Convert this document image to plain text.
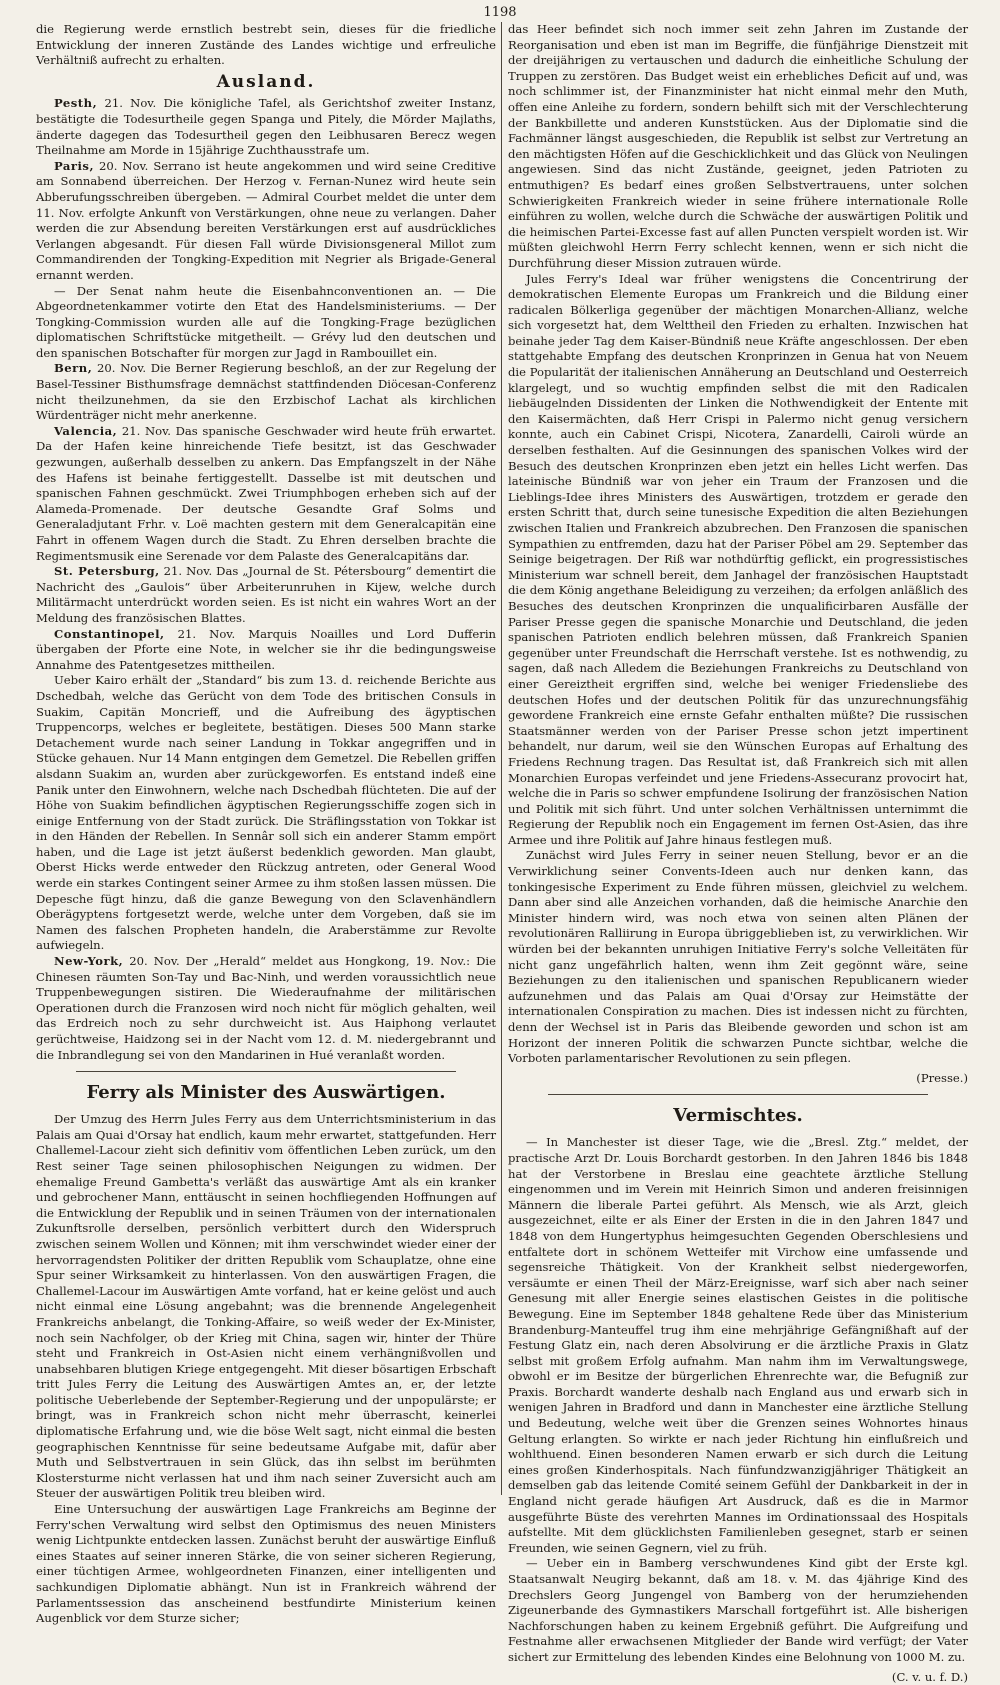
1198

die Regierung werde ernstlich bestrebt sein, dieses für die friedliche Entwicklung der inneren Zustände des Landes wichtige und erfreuliche Verhältniß aufrecht zu erhalten.

Ausland.

Pesth, 21. Nov. Die königliche Tafel, als Gerichtshof zweiter Instanz, bestätigte die Todesurtheile gegen Spanga und Pitely, die Mörder Majlaths, änderte dagegen das Todesurtheil gegen den Leibhusaren Berecz wegen Theilnahme am Morde in 15jährige Zuchthausstrafe um.

Paris, 20. Nov. Serrano ist heute angekommen und wird seine Creditive am Sonnabend überreichen. Der Herzog v. Fernan-Nunez wird heute sein Abberufungsschreiben übergeben. — Admiral Courbet meldet die unter dem 11. Nov. erfolgte Ankunft von Verstärkungen, ohne neue zu verlangen. Daher werden die zur Absendung bereiten Verstärkungen erst auf ausdrückliches Verlangen abgesandt. Für diesen Fall würde Divisionsgeneral Millot zum Commandirenden der Tongking-Expedition mit Negrier als Brigade-General ernannt werden.

— Der Senat nahm heute die Eisenbahnconventionen an. — Die Abgeordnetenkammer votirte den Etat des Handelsministeriums. — Der Tongking-Commission wurden alle auf die Tongking-Frage bezüglichen diplomatischen Schriftstücke mitgetheilt. — Grévy lud den deutschen und den spanischen Botschafter für morgen zur Jagd in Rambouillet ein.

Bern, 20. Nov. Die Berner Regierung beschloß, an der zur Regelung der Basel-Tessiner Bisthumsfrage demnächst stattfindenden Diöcesan-Conferenz nicht theilzunehmen, da sie den Erzbischof Lachat als kirchlichen Würdenträger nicht mehr anerkenne.

Valencia, 21. Nov. Das spanische Geschwader wird heute früh erwartet. Da der Hafen keine hinreichende Tiefe besitzt, ist das Geschwader gezwungen, außerhalb desselben zu ankern. Das Empfangszelt in der Nähe des Hafens ist beinahe fertiggestellt. Dasselbe ist mit deutschen und spanischen Fahnen geschmückt. Zwei Triumphbogen erheben sich auf der Alameda-Promenade. Der deutsche Gesandte Graf Solms und Generaladjutant Frhr. v. Loë machten gestern mit dem Generalcapitän eine Fahrt in offenem Wagen durch die Stadt. Zu Ehren derselben brachte die Regimentsmusik eine Serenade vor dem Palaste des Generalcapitäns dar.

St. Petersburg, 21. Nov. Das „Journal de St. Pétersbourg“ dementirt die Nachricht des „Gaulois“ über Arbeiterunruhen in Kijew, welche durch Militärmacht unterdrückt worden seien. Es ist nicht ein wahres Wort an der Meldung des französischen Blattes.

Constantinopel, 21. Nov. Marquis Noailles und Lord Dufferin übergaben der Pforte eine Note, in welcher sie ihr die bedingungsweise Annahme des Patentgesetzes mittheilen.

Ueber Kairo erhält der „Standard“ bis zum 13. d. reichende Berichte aus Dschedbah, welche das Gerücht von dem Tode des britischen Consuls in Suakim, Capitän Moncrieff, und die Aufreibung des ägyptischen Truppencorps, welches er begleitete, bestätigen. Dieses 500 Mann starke Detachement wurde nach seiner Landung in Tokkar angegriffen und in Stücke gehauen. Nur 14 Mann entgingen dem Gemetzel. Die Rebellen griffen alsdann Suakim an, wurden aber zurückgeworfen. Es entstand indeß eine Panik unter den Einwohnern, welche nach Dschedbah flüchteten. Die auf der Höhe von Suakim befindlichen ägyptischen Regierungsschiffe zogen sich in einige Entfernung von der Stadt zurück. Die Sträflingsstation von Tokkar ist in den Händen der Rebellen. In Sennâr soll sich ein anderer Stamm empört haben, und die Lage ist jetzt äußerst bedenklich geworden. Man glaubt, Oberst Hicks werde entweder den Rückzug antreten, oder General Wood werde ein starkes Contingent seiner Armee zu ihm stoßen lassen müssen. Die Depesche fügt hinzu, daß die ganze Bewegung von den Sclavenhändlern Oberägyptens fortgesetzt werde, welche unter dem Vorgeben, daß sie im Namen des falschen Propheten handeln, die Araberstämme zur Revolte aufwiegeln.

New-York, 20. Nov. Der „Herald“ meldet aus Hongkong, 19. Nov.: Die Chinesen räumten Son-Tay und Bac-Ninh, und werden voraussichtlich neue Truppenbewegungen sistiren. Die Wiederaufnahme der militärischen Operationen durch die Franzosen wird noch nicht für möglich gehalten, weil das Erdreich noch zu sehr durchweicht ist. Aus Haiphong verlautet gerüchtweise, Haidzong sei in der Nacht vom 12. d. M. niedergebrannt und die Inbrandlegung sei von den Mandarinen in Hué veranlaßt worden.

Ferry als Minister des Auswärtigen.

Der Umzug des Herrn Jules Ferry aus dem Unterrichtsministerium in das Palais am Quai d'Orsay hat endlich, kaum mehr erwartet, stattgefunden. Herr Challemel-Lacour zieht sich definitiv vom öffentlichen Leben zurück, um den Rest seiner Tage seinen philosophischen Neigungen zu widmen. Der ehemalige Freund Gambetta's verläßt das auswärtige Amt als ein kranker und gebrochener Mann, enttäuscht in seinen hochfliegenden Hoffnungen auf die Entwicklung der Republik und in seinen Träumen von der internationalen Zukunftsrolle derselben, persönlich verbittert durch den Widerspruch zwischen seinem Wollen und Können; mit ihm verschwindet wieder einer der hervorragendsten Politiker der dritten Republik vom Schauplatze, ohne eine Spur seiner Wirksamkeit zu hinterlassen. Von den auswärtigen Fragen, die Challemel-Lacour im Auswärtigen Amte vorfand, hat er keine gelöst und auch nicht einmal eine Lösung angebahnt; was die brennende Angelegenheit Frankreichs anbelangt, die Tonking-Affaire, so weiß weder der Ex-Minister, noch sein Nachfolger, ob der Krieg mit China, sagen wir, hinter der Thüre steht und Frankreich in Ost-Asien nicht einem verhängnißvollen und unabsehbaren blutigen Kriege entgegengeht. Mit dieser bösartigen Erbschaft tritt Jules Ferry die Leitung des Auswärtigen Amtes an, er, der letzte politische Ueberlebende der September-Regierung und der unpopulärste; er bringt, was in Frankreich schon nicht mehr überrascht, keinerlei diplomatische Erfahrung und, wie die böse Welt sagt, nicht einmal die besten geographischen Kenntnisse für seine bedeutsame Aufgabe mit, dafür aber Muth und Selbstvertrauen in sein Glück, das ihn selbst im berühmten Klostersturme nicht verlassen hat und ihm nach seiner Zuversicht auch am Steuer der auswärtigen Politik treu bleiben wird.

Eine Untersuchung der auswärtigen Lage Frankreichs am Beginne der Ferry'schen Verwaltung wird selbst den Optimismus des neuen Ministers wenig Lichtpunkte entdecken lassen. Zunächst beruht der auswärtige Einfluß eines Staates auf seiner inneren Stärke, die von seiner sicheren Regierung, einer tüchtigen Armee, wohlgeordneten Finanzen, einer intelligenten und sachkundigen Diplomatie abhängt. Nun ist in Frankreich während der Parlamentssession das anscheinend bestfundirte Ministerium keinen Augenblick vor dem Sturze sicher;

das Heer befindet sich noch immer seit zehn Jahren im Zustande der Reorganisation und eben ist man im Begriffe, die fünfjährige Dienstzeit mit der dreijährigen zu vertauschen und dadurch die einheitliche Schulung der Truppen zu zerstören. Das Budget weist ein erhebliches Deficit auf und, was noch schlimmer ist, der Finanzminister hat nicht einmal mehr den Muth, offen eine Anleihe zu fordern, sondern behilft sich mit der Verschlechterung der Bankbillette und anderen Kunststücken. Aus der Diplomatie sind die Fachmänner längst ausgeschieden, die Republik ist selbst zur Vertretung an den mächtigsten Höfen auf die Geschicklichkeit und das Glück von Neulingen angewiesen. Sind das nicht Zustände, geeignet, jeden Patrioten zu entmuthigen? Es bedarf eines großen Selbstvertrauens, unter solchen Schwierigkeiten Frankreich wieder in seine frühere internationale Rolle einführen zu wollen, welche durch die Schwäche der auswärtigen Politik und die heimischen Partei-Excesse fast auf allen Puncten verspielt worden ist. Wir müßten gleichwohl Herrn Ferry schlecht kennen, wenn er sich nicht die Durchführung dieser Mission zutrauen würde.

Jules Ferry's Ideal war früher wenigstens die Concentrirung der demokratischen Elemente Europas um Frankreich und die Bildung einer radicalen Bölkerliga gegenüber der mächtigen Monarchen-Allianz, welche sich vorgesetzt hat, dem Welttheil den Frieden zu erhalten. Inzwischen hat beinahe jeder Tag dem Kaiser-Bündniß neue Kräfte angeschlossen. Der eben stattgehabte Empfang des deutschen Kronprinzen in Genua hat von Neuem die Popularität der italienischen Annäherung an Deutschland und Oesterreich klargelegt, und so wuchtig empfinden selbst die mit den Radicalen liebäugelnden Dissidenten der Linken die Nothwendigkeit der Entente mit den Kaisermächten, daß Herr Crispi in Palermo nicht genug versichern konnte, auch ein Cabinet Crispi, Nicotera, Zanardelli, Cairoli würde an derselben festhalten. Auf die Gesinnungen des spanischen Volkes wird der Besuch des deutschen Kronprinzen eben jetzt ein helles Licht werfen. Das lateinische Bündniß war von jeher ein Traum der Franzosen und die Lieblings-Idee ihres Ministers des Auswärtigen, trotzdem er gerade den ersten Schritt that, durch seine tunesische Expedition die alten Beziehungen zwischen Italien und Frankreich abzubrechen. Den Franzosen die spanischen Sympathien zu entfremden, dazu hat der Pariser Pöbel am 29. September das Seinige beigetragen. Der Riß war nothdürftig geflickt, ein progressistisches Ministerium war schnell bereit, dem Janhagel der französischen Hauptstadt die dem König angethane Beleidigung zu verzeihen; da erfolgen anläßlich des Besuches des deutschen Kronprinzen die unqualificirbaren Ausfälle der Pariser Presse gegen die spanische Monarchie und Deutschland, die jeden spanischen Patrioten endlich belehren müssen, daß Frankreich Spanien gegenüber unter Freundschaft die Herrschaft verstehe. Ist es nothwendig, zu sagen, daß nach Alledem die Beziehungen Frankreichs zu Deutschland von einer Gereiztheit ergriffen sind, welche bei weniger Friedensliebe des deutschen Hofes und der deutschen Politik für das unzurechnungsfähig gewordene Frankreich eine ernste Gefahr enthalten müßte? Die russischen Staatsmänner werden von der Pariser Presse schon jetzt impertinent behandelt, nur darum, weil sie den Wünschen Europas auf Erhaltung des Friedens Rechnung tragen. Das Resultat ist, daß Frankreich sich mit allen Monarchien Europas verfeindet und jene Friedens-Assecuranz provocirt hat, welche die in Paris so schwer empfundene Isolirung der französischen Nation und Politik mit sich führt. Und unter solchen Verhältnissen unternimmt die Regierung der Republik noch ein Engagement im fernen Ost-Asien, das ihre Armee und ihre Politik auf Jahre hinaus festlegen muß.

Zunächst wird Jules Ferry in seiner neuen Stellung, bevor er an die Verwirklichung seiner Convents-Ideen auch nur denken kann, das tonkingesische Experiment zu Ende führen müssen, gleichviel zu welchem. Dann aber sind alle Anzeichen vorhanden, daß die heimische Anarchie den Minister hindern wird, was noch etwa von seinen alten Plänen der revolutionären Ralliirung in Europa übriggeblieben ist, zu verwirklichen. Wir würden bei der bekannten unruhigen Initiative Ferry's solche Velleitäten für nicht ganz ungefährlich halten, wenn ihm Zeit gegönnt wäre, seine Beziehungen zu den italienischen und spanischen Republicanern wieder aufzunehmen und das Palais am Quai d'Orsay zur Heimstätte der internationalen Conspiration zu machen. Dies ist indessen nicht zu fürchten, denn der Wechsel ist in Paris das Bleibende geworden und schon ist am Horizont der inneren Politik die schwarzen Puncte sichtbar, welche die Vorboten parlamentarischer Revolutionen zu sein pflegen.

(Presse.)
Vermischtes.

— In Manchester ist dieser Tage, wie die „Bresl. Ztg.“ meldet, der practische Arzt Dr. Louis Borchardt gestorben. In den Jahren 1846 bis 1848 hat der Verstorbene in Breslau eine geachtete ärztliche Stellung eingenommen und im Verein mit Heinrich Simon und anderen freisinnigen Männern die liberale Partei geführt. Als Mensch, wie als Arzt, gleich ausgezeichnet, eilte er als Einer der Ersten in die in den Jahren 1847 und 1848 von dem Hungertyphus heimgesuchten Gegenden Oberschlesiens und entfaltete dort in schönem Wetteifer mit Virchow eine umfassende und segensreiche Thätigkeit. Von der Krankheit selbst niedergeworfen, versäumte er einen Theil der März-Ereignisse, warf sich aber nach seiner Genesung mit aller Energie seines elastischen Geistes in die politische Bewegung. Eine im September 1848 gehaltene Rede über das Ministerium Brandenburg-Manteuffel trug ihm eine mehrjährige Gefängnißhaft auf der Festung Glatz ein, nach deren Absolvirung er die ärztliche Praxis in Glatz selbst mit großem Erfolg aufnahm. Man nahm ihm im Verwaltungswege, obwohl er im Besitze der bürgerlichen Ehrenrechte war, die Befugniß zur Praxis. Borchardt wanderte deshalb nach England aus und erwarb sich in wenigen Jahren in Bradford und dann in Manchester eine ärztliche Stellung und Bedeutung, welche weit über die Grenzen seines Wohnortes hinaus Geltung erlangten. So wirkte er nach jeder Richtung hin einflußreich und wohlthuend. Einen besonderen Namen erwarb er sich durch die Leitung eines großen Kinderhospitals. Nach fünfundzwanzigjähriger Thätigkeit an demselben gab das leitende Comité seinem Gefühl der Dankbarkeit in der in England nicht gerade häufigen Art Ausdruck, daß es die in Marmor ausgeführte Büste des verehrten Mannes im Ordinationssaal des Hospitals aufstellte. Mit dem glücklichsten Familienleben gesegnet, starb er seinen Freunden, wie seinen Gegnern, viel zu früh.

— Ueber ein in Bamberg verschwundenes Kind gibt der Erste kgl. Staatsanwalt Neugirg bekannt, daß am 18. v. M. das 4jährige Kind des Drechslers Georg Jungengel von Bamberg von der herumziehenden Zigeunerbande des Gymnastikers Marschall fortgeführt ist. Alle bisherigen Nachforschungen haben zu keinem Ergebniß geführt. Die Aufgreifung und Festnahme aller erwachsenen Mitglieder der Bande wird verfügt; der Vater sichert zur Ermittelung des lebenden Kindes eine Belohnung von 1000 M. zu.

(C. v. u. f. D.)
